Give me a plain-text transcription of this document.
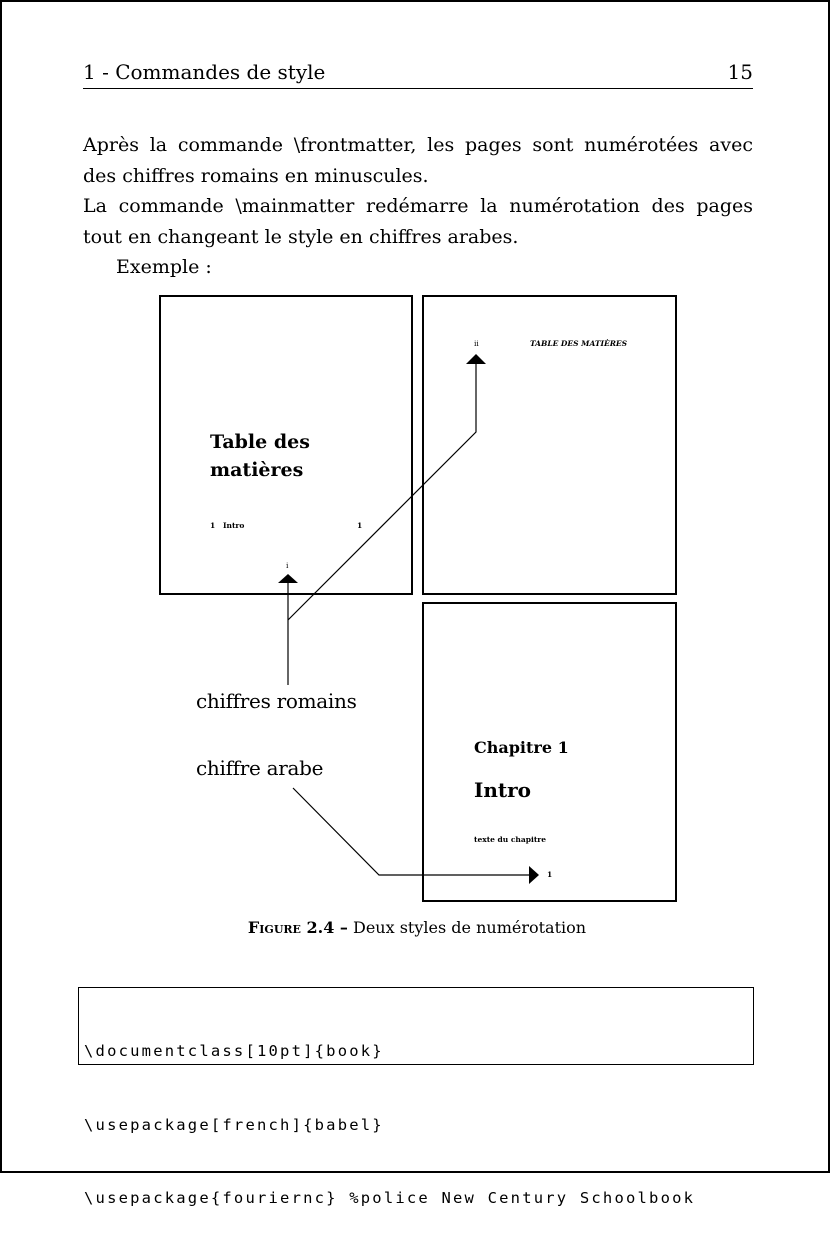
1 - Commandes de style	15

Après la commande \frontmatter, les pages sont numérotées avec des chiffres romains en minuscules.

La commande \mainmatter redémarre la numérotation des pages tout en changeant le style en chiffres arabes.

Exemple :

Table des
matières
1 Intro	1
i
ii	TABLE DES MATIÈRES
Chapitre 1
Intro
texte du chapitre
1
chiffres romains
chiffre arabe
Figure 2.4 – Deux styles de numérotation

\documentclass[10pt]{book}

\usepackage[french]{babel}

\usepackage{fouriernc} %police New Century Schoolbook
